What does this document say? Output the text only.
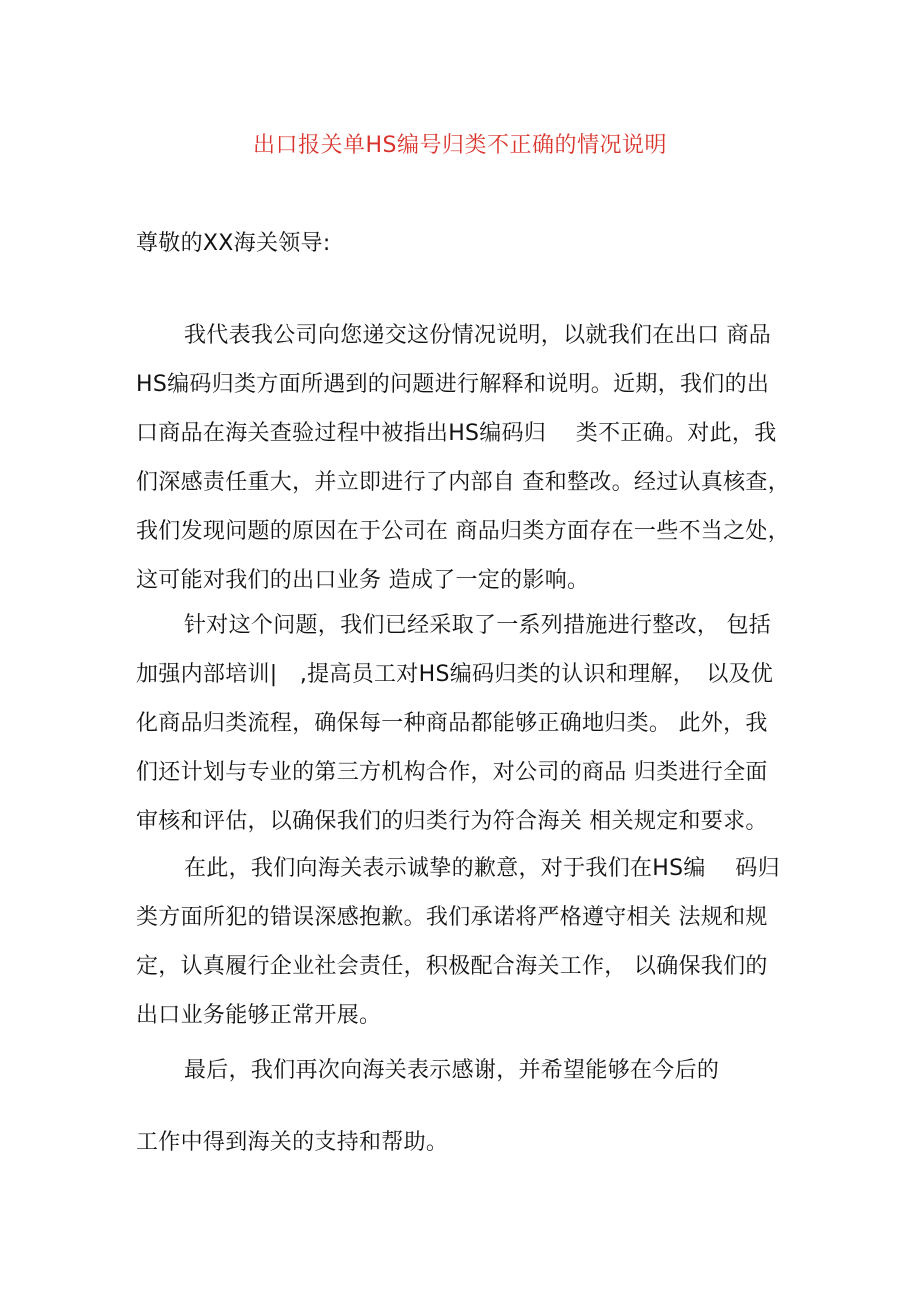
出口报关单HS编号归类不正确的情况说明
尊敬的XX海关领导:
我代表我公司向您递交这份情况说明，以就我们在出口 商品
HS编码归类方面所遇到的问题进行解释和说明。近期，我们的出
口商品在海关查验过程中被指出HS编码归　 类不正确。对此，我
们深感责任重大，并立即进行了内部自 查和整改。经过认真核查，
我们发现问题的原因在于公司在 商品归类方面存在一些不当之处，
这可能对我们的出口业务 造成了一定的影响。
针对这个问题，我们已经采取了一系列措施进行整改， 包括
加强内部培训|　,提高员工对HS编码归类的认识和理解，　以及优
化商品归类流程，确保每一种商品都能够正确地归类。 此外，我
们还计划与专业的第三方机构合作，对公司的商品 归类进行全面
审核和评估，以确保我们的归类行为符合海关 相关规定和要求。
在此，我们向海关表示诚挚的歉意，对于我们在HS编　 码归
类方面所犯的错误深感抱歉。我们承诺将严格遵守相关 法规和规
定，认真履行企业社会责任，积极配合海关工作， 以确保我们的
出口业务能够正常开展。
最后，我们再次向海关表示感谢，并希望能够在今后的
工作中得到海关的支持和帮助。
